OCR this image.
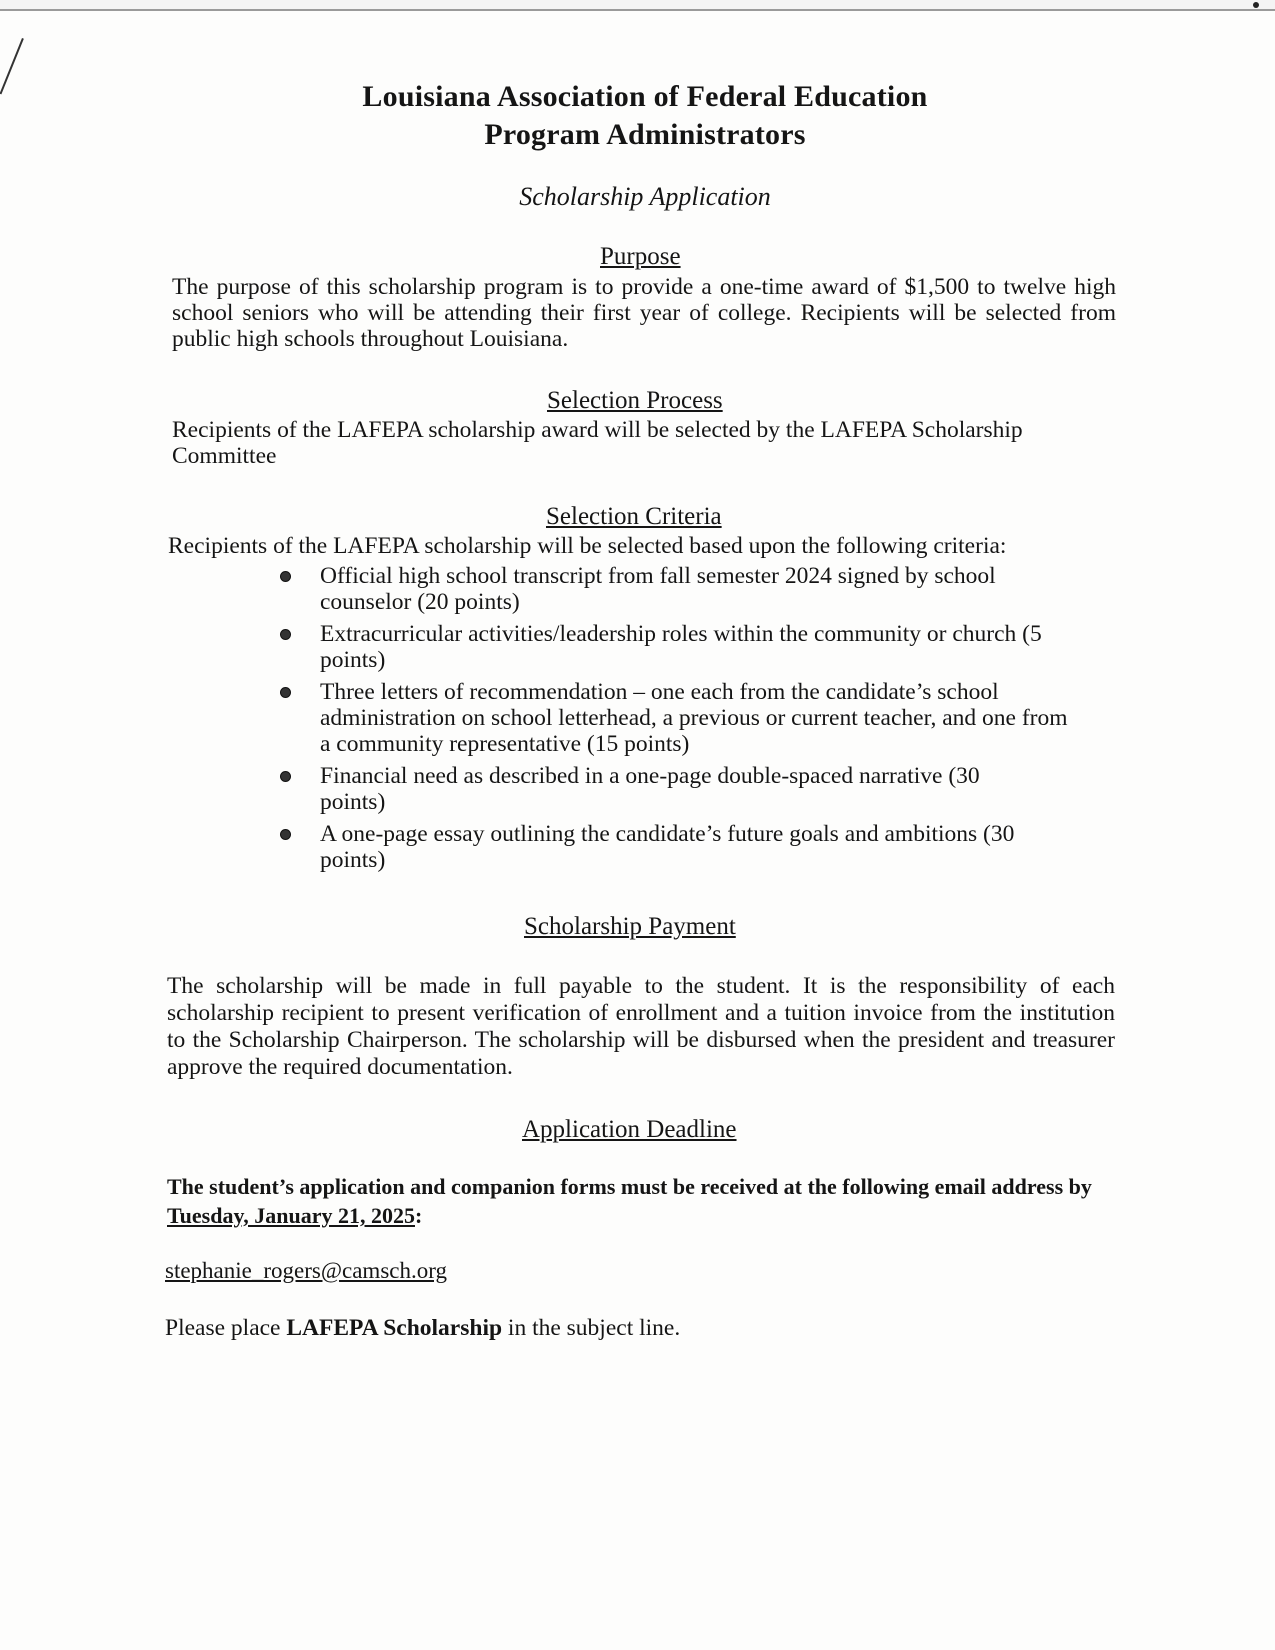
Louisiana Association of Federal Education
Program Administrators
Scholarship Application
Purpose
The purpose of this scholarship program is to provide a one-time award of $1,500 to twelve high school seniors who will be attending their first year of college. Recipients will be selected from public high schools throughout Louisiana.
Selection Process
Recipients of the LAFEPA scholarship award will be selected by the LAFEPA Scholarship Committee
Selection Criteria
Recipients of the LAFEPA scholarship will be selected based upon the following criteria:
Official high school transcript from fall semester 2024 signed by school counselor (20 points)
Extracurricular activities/leadership roles within the community or church (5 points)
Three letters of recommendation – one each from the candidate’s school administration on school letterhead, a previous or current teacher, and one from a community representative (15 points)
Financial need as described in a one-page double-spaced narrative (30 points)
A one-page essay outlining the candidate’s future goals and ambitions (30 points)
Scholarship Payment
The scholarship will be made in full payable to the student. It is the responsibility of each scholarship recipient to present verification of enrollment and a tuition invoice from the institution to the Scholarship Chairperson. The scholarship will be disbursed when the president and treasurer approve the required documentation.
Application Deadline
The student’s application and companion forms must be received at the following email address by Tuesday, January 21, 2025:
stephanie_rogers@camsch.org
Please place LAFEPA Scholarship in the subject line.
